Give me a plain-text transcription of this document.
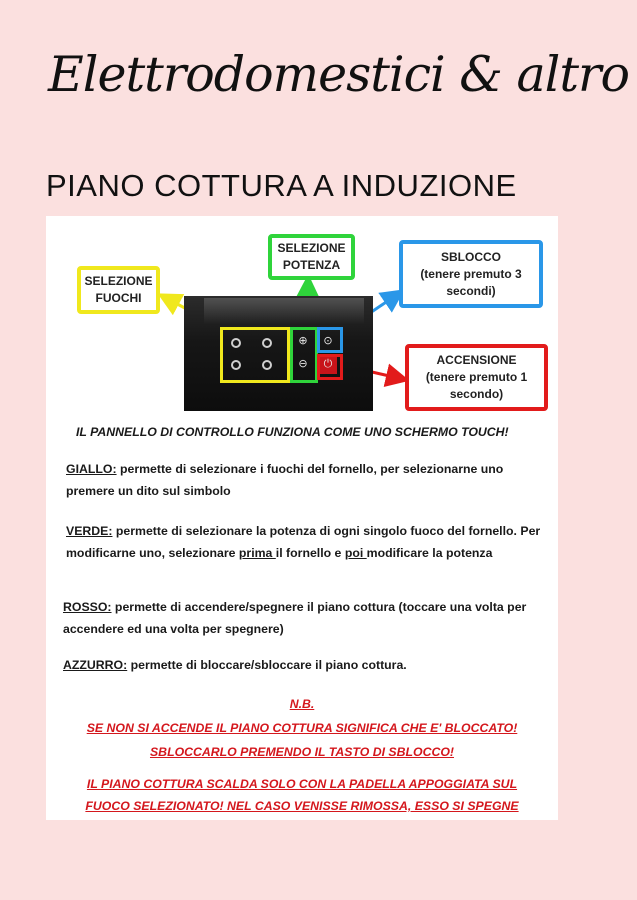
Elettrodomestici & altro
PIANO COTTURA A INDUZIONE
SELEZIONE FUOCHI
SELEZIONE POTENZA
SBLOCCO
(tenere premuto 3 secondi)
ACCENSIONE
(tenere premuto 1 secondo)
⊕
⊖
⊙
⏻
IL PANNELLO DI CONTROLLO FUNZIONA COME UNO SCHERMO TOUCH!
GIALLO: permette di selezionare i fuochi del fornello, per selezionarne uno premere un dito sul simbolo
VERDE: permette di selezionare la potenza di ogni singolo fuoco del fornello. Per modificarne uno, selezionare prima il fornello e poi modificare la potenza
ROSSO: permette di accendere/spegnere il piano cottura (toccare una volta per accendere ed una volta per spegnere)
AZZURRO: permette di bloccare/sbloccare il piano cottura.
N.B.
SE NON SI ACCENDE IL PIANO COTTURA SIGNIFICA CHE E' BLOCCATO!
SBLOCCARLO PREMENDO IL TASTO DI SBLOCCO!
IL PIANO COTTURA SCALDA SOLO CON LA PADELLA APPOGGIATA SUL
FUOCO SELEZIONATO! NEL CASO VENISSE RIMOSSA, ESSO SI SPEGNE
